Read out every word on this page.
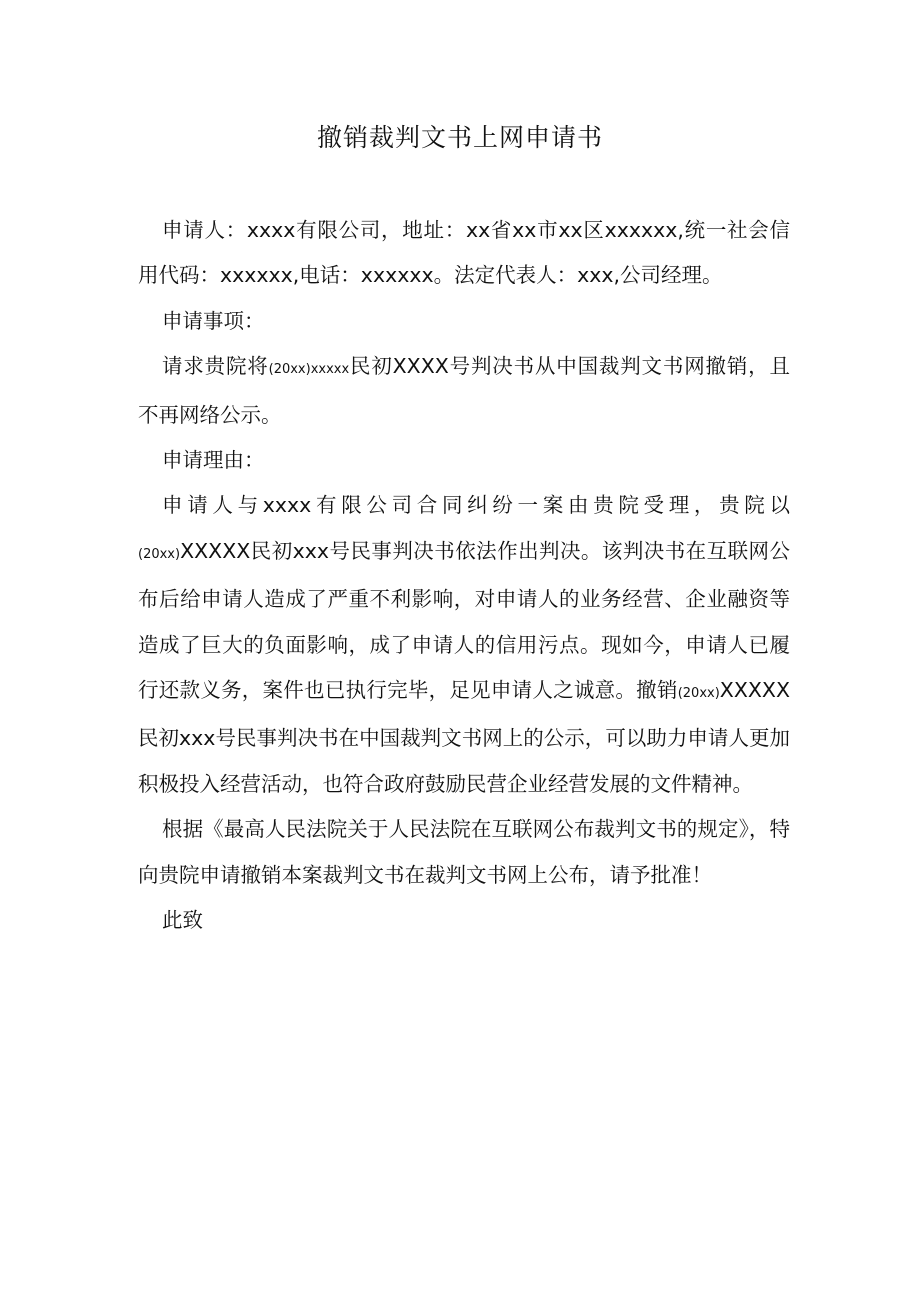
撤销裁判文书上网申请书

申请人：xxxx有限公司，地址：xx省xx市xx区xxxxxx,统一社会信用代码：xxxxxx,电话：xxxxxx。法定代表人：xxx,公司经理。

申请事项：

请求贵院将(20xx)xxxxx民初XXXX号判决书从中国裁判文书网撤销，且不再网络公示。

申请理由：

申请人与xxxx有限公司合同纠纷一案由贵院受理，贵院以(20xx)XXXXX民初xxx号民事判决书依法作出判决。该判决书在互联网公布后给申请人造成了严重不利影响，对申请人的业务经营、企业融资等造成了巨大的负面影响，成了申请人的信用污点。现如今，申请人已履行还款义务，案件也已执行完毕，足见申请人之诚意。撤销(20xx)XXXXX民初xxx号民事判决书在中国裁判文书网上的公示，可以助力申请人更加积极投入经营活动，也符合政府鼓励民营企业经营发展的文件精神。

根据《最高人民法院关于人民法院在互联网公布裁判文书的规定》，特向贵院申请撤销本案裁判文书在裁判文书网上公布，请予批准！

此致
